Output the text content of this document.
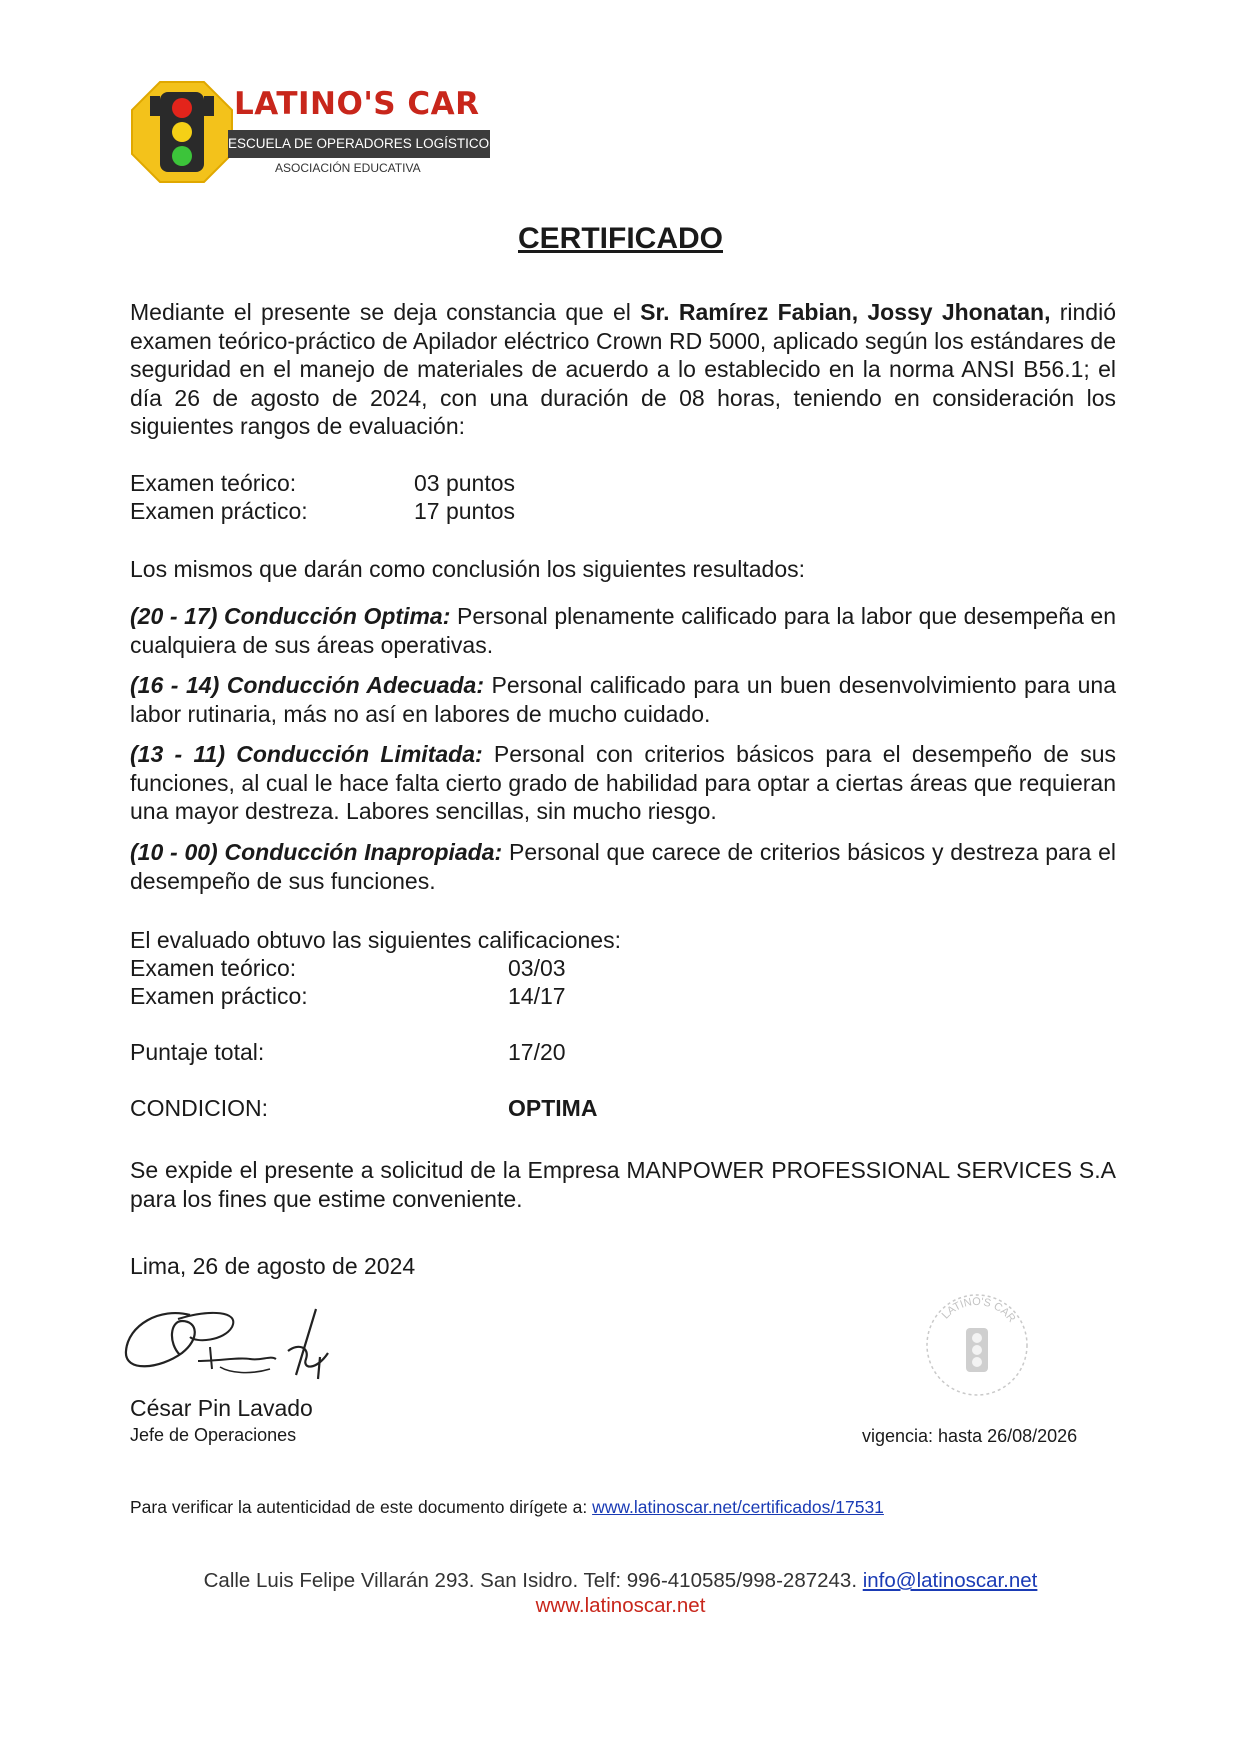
LATINO'S CAR
ESCUELA DE OPERADORES LOGÍSTICOS
ASOCIACIÓN EDUCATIVA
CERTIFICADO
Mediante el presente se deja constancia que el Sr. Ramírez Fabian, Jossy Jhonatan, rindió examen teórico-práctico de Apilador eléctrico Crown RD 5000, aplicado según los estándares de seguridad en el manejo de materiales de acuerdo a lo establecido en la norma ANSI B56.1; el día 26 de agosto de 2024, con una duración de 08 horas, teniendo en consideración los siguientes rangos de evaluación:
Examen teórico:	03 puntos
Examen práctico:	17 puntos
Los mismos que darán como conclusión los siguientes resultados:
(20 - 17) Conducción Optima: Personal plenamente calificado para la labor que desempeña en cualquiera de sus áreas operativas.
(16 - 14) Conducción Adecuada: Personal calificado para un buen desenvolvimiento para una labor rutinaria, más no así en labores de mucho cuidado.
(13 - 11) Conducción Limitada: Personal con criterios básicos para el desempeño de sus funciones, al cual le hace falta cierto grado de habilidad para optar a ciertas áreas que requieran una mayor destreza. Labores sencillas, sin mucho riesgo.
(10 - 00) Conducción Inapropiada: Personal que carece de criterios básicos y destreza para el desempeño de sus funciones.
El evaluado obtuvo las siguientes calificaciones:
Examen teórico:	03/03
Examen práctico:	14/17
Puntaje total:	17/20
CONDICION:	OPTIMA
Se expide el presente a solicitud de la Empresa MANPOWER PROFESSIONAL SERVICES S.A para los fines que estime conveniente.
Lima, 26 de agosto de 2024
César Pin Lavado
Jefe de Operaciones
LATINO'S CAR
vigencia: hasta 26/08/2026
Para verificar la autenticidad de este documento dirígete a: www.latinoscar.net/certificados/17531
Calle Luis Felipe Villarán 293. San Isidro. Telf: 996-410585/998-287243. info@latinoscar.net
www.latinoscar.net
